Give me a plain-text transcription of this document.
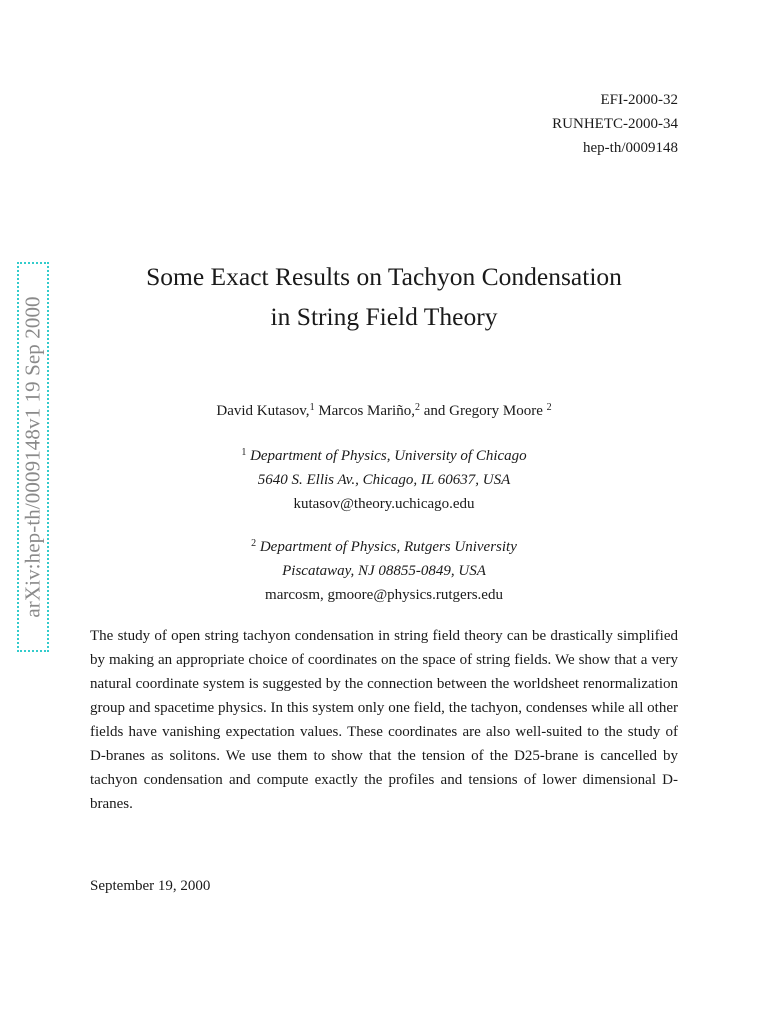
EFI-2000-32
RUNHETC-2000-34
hep-th/0009148
arXiv:hep-th/0009148v1 19 Sep 2000
Some Exact Results on Tachyon Condensation
in String Field Theory
David Kutasov,$^1$ Marcos Mariño,$^2$ and Gregory Moore $^2$
$^1$ Department of Physics, University of Chicago
5640 S. Ellis Av., Chicago, IL 60637, USA
kutasov@theory.uchicago.edu
$^2$ Department of Physics, Rutgers University
Piscataway, NJ 08855-0849, USA
marcosm, gmoore@physics.rutgers.edu

The study of open string tachyon condensation in string field theory can be drastically simplified by making an appropriate choice of coordinates on the space of string fields. We show that a very natural coordinate system is suggested by the connection between the worldsheet renormalization group and spacetime physics. In this system only one field, the tachyon, condenses while all other fields have vanishing expectation values. These coordinates are also well-suited to the study of D-branes as solitons. We use them to show that the tension of the D25-brane is cancelled by tachyon condensation and compute exactly the profiles and tensions of lower dimensional D-branes.

September 19, 2000
